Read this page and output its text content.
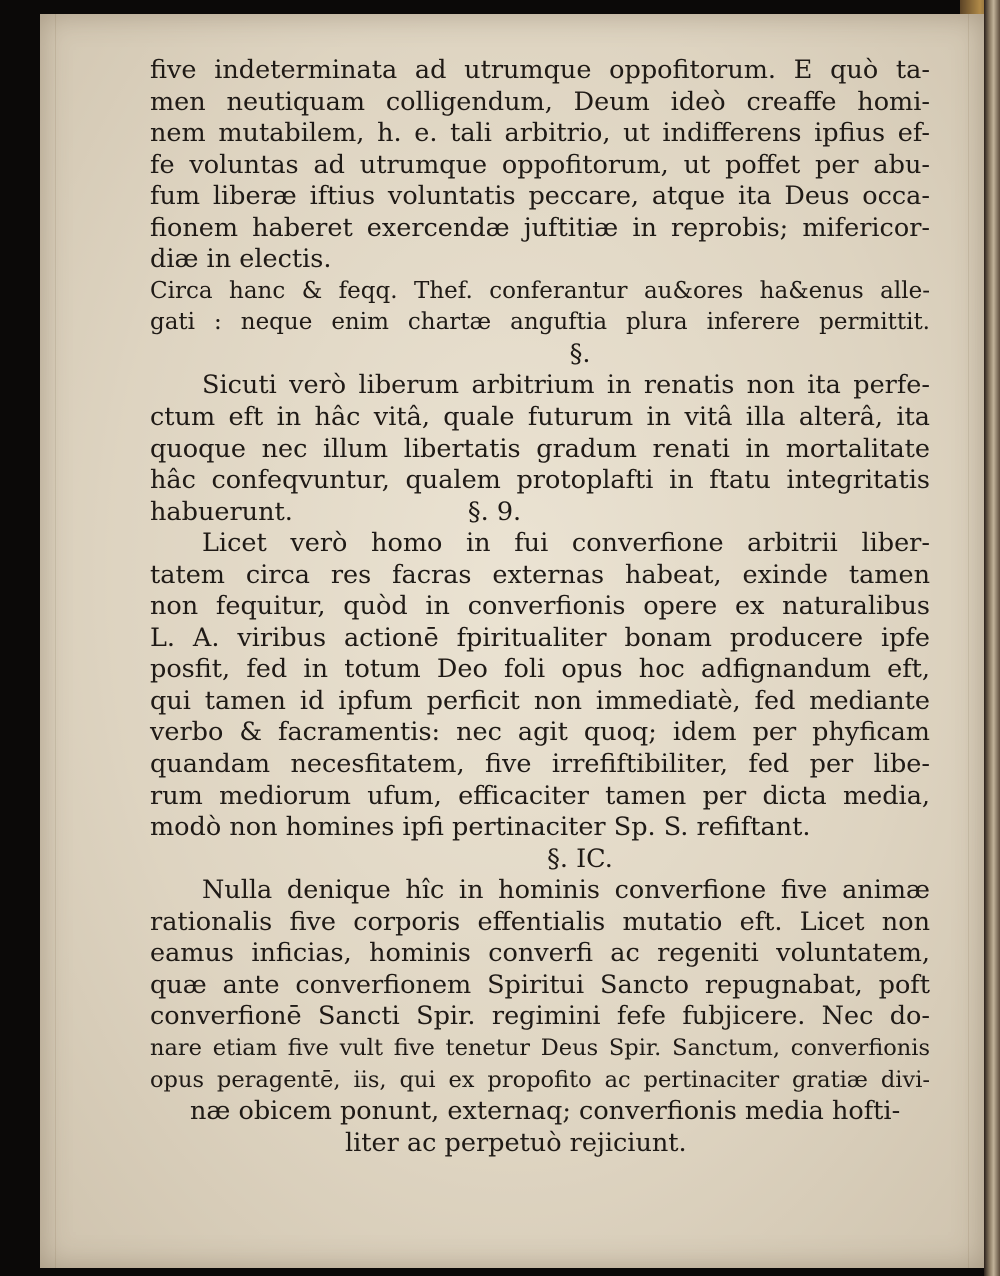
five indeterminata ad utrumque oppofitorum. E quò ta-
men neutiquam colligendum, Deum ideò creaffe homi-
nem mutabilem, h. e. tali arbitrio, ut indifferens ipfius ef-
fe voluntas ad utrumque oppofitorum, ut poffet per abu-
fum liberæ iftius voluntatis peccare, atque ita Deus occa-
fionem haberet exercendæ juftitiæ in reprobis; mifericor-
diæ in electis.
Circa hanc & feqq. Thef. conferantur au&ores ha&enus alle-
gati : neque enim chartæ anguftia plura inferere permittit.
§.
Sicuti verò liberum arbitrium in renatis non ita perfe-
ctum eft in hâc vitâ, quale futurum in vitâ illa alterâ, ita
quoque nec illum libertatis gradum renati in mortalitate
hâc confeqvuntur, qualem protoplafti in ftatu integritatis
habuerunt.	§. 9.
Licet verò homo in fui converfione arbitrii liber-
tatem circa res facras externas habeat, exinde tamen
non fequitur, quòd in converfionis opere ex naturalibus
L. A. viribus actionē fpiritualiter bonam producere ipfe
posfit, fed in totum Deo foli opus hoc adfignandum eft,
qui tamen id ipfum perficit non immediatè, fed mediante
verbo & facramentis: nec agit quoq; idem per phyficam
quandam necesfitatem, five irrefiftibiliter, fed per libe-
rum mediorum ufum, efficaciter tamen per dicta media,
modò non homines ipfi pertinaciter Sp. S. refiftant.
§. IC.
Nulla denique hîc in hominis converfione five animæ
rationalis five corporis effentialis mutatio eft. Licet non
eamus inficias, hominis converfi ac regeniti voluntatem,
quæ ante converfionem Spiritui Sancto repugnabat, poft
converfionē Sancti Spir. regimini fefe fubjicere. Nec do-
nare etiam five vult five tenetur Deus Spir. Sanctum, converfionis
opus peragentē, iis, qui ex propofito ac pertinaciter gratiæ divi-
næ obicem ponunt, externaq; converfionis media hofti-
liter ac perpetuò rejiciunt.
